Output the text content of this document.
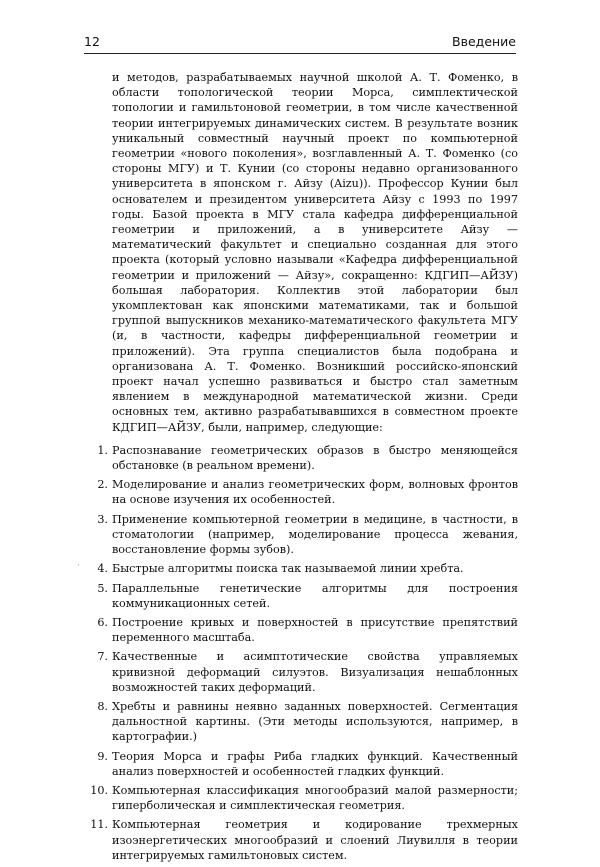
12	Введение

и методов, разрабатываемых научной школой А. Т. Фоменко, в области топологической теории Морса, симплектической топологии и гамильтоновой геометрии, в том числе качественной теории интегрируемых динамических систем. В результате возник уникальный совместный научный проект по компьютерной геометрии «нового поколения», возглавленный А. Т. Фоменко (со стороны МГУ) и Т. Кунии (со стороны недавно организованного университета в японском г. Айзу (Aizu)). Профессор Кунии был основателем и президентом университета Айзу с 1993 по 1997 годы. Базой проекта в МГУ стала кафедра дифференциальной геометрии и приложений, а в университете Айзу — математический факультет и специально созданная для этого проекта (который условно называли «Кафедра дифференциальной геометрии и приложений — Айзу», сокращенно: КДГИП—АЙЗУ) большая лаборатория. Коллектив этой лаборатории был укомплектован как японскими математиками, так и большой группой выпускников механико-математического факультета МГУ (и, в частности, кафедры дифференциальной геометрии и приложений). Эта группа специалистов была подобрана и организована А. Т. Фоменко. Возникший российско-японский проект начал успешно развиваться и быстро стал заметным явлением в международной математической жизни. Среди основных тем, активно разрабатывавшихся в совместном проекте КДГИП—АЙЗУ, были, например, следующие:

1. Распознавание геометрических образов в быстро меняющейся обстановке (в реальном времени).
2. Моделирование и анализ геометрических форм, волновых фронтов на основе изучения их особенностей.
3. Применение компьютерной геометрии в медицине, в частности, в стоматологии (например, моделирование процесса жевания, восстановление формы зубов).
4. Быстрые алгоритмы поиска так называемой линии хребта.
5. Параллельные генетические алгоритмы для построения коммуникационных сетей.
6. Построение кривых и поверхностей в присутствие препятствий переменного масштаба.
7. Качественные и асимптотические свойства управляемых кривизной деформаций силуэтов. Визуализация нешаблонных возможностей таких деформаций.
8. Хребты и равнины неявно заданных поверхностей. Сегментация дальностной картины. (Эти методы используются, например, в картографии.)
9. Теория Морса и графы Риба гладких функций. Качественный анализ поверхностей и особенностей гладких функций.
10. Компьютерная классификация многообразий малой размерности; гиперболическая и симплектическая геометрия.
11. Компьютерная геометрия и кодирование трехмерных изоэнергетических многообразий и слоений Лиувилля в теории интегрируемых гамильтоновых систем.
·
